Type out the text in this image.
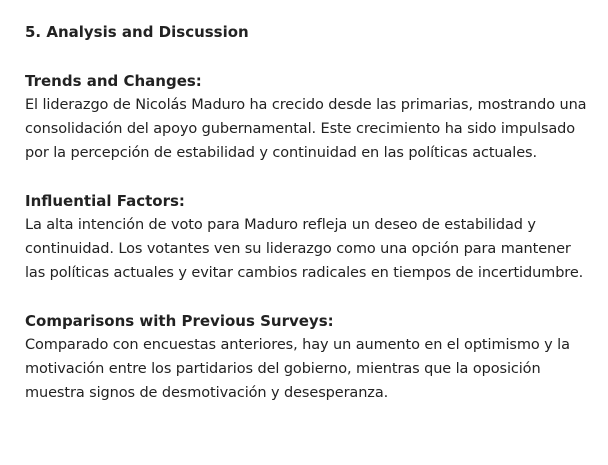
5. Analysis and Discussion
Trends and Changes:
El liderazgo de Nicolás Maduro ha crecido desde las primarias, mostrando una consolidación del apoyo gubernamental. Este crecimiento ha sido impulsado por la percepción de estabilidad y continuidad en las políticas actuales.
Influential Factors:
La alta intención de voto para Maduro refleja un deseo de estabilidad y continuidad. Los votantes ven su liderazgo como una opción para mantener las políticas actuales y evitar cambios radicales en tiempos de incertidumbre.
Comparisons with Previous Surveys:
Comparado con encuestas anteriores, hay un aumento en el optimismo y la motivación entre los partidarios del gobierno, mientras que la oposición muestra signos de desmotivación y desesperanza.
